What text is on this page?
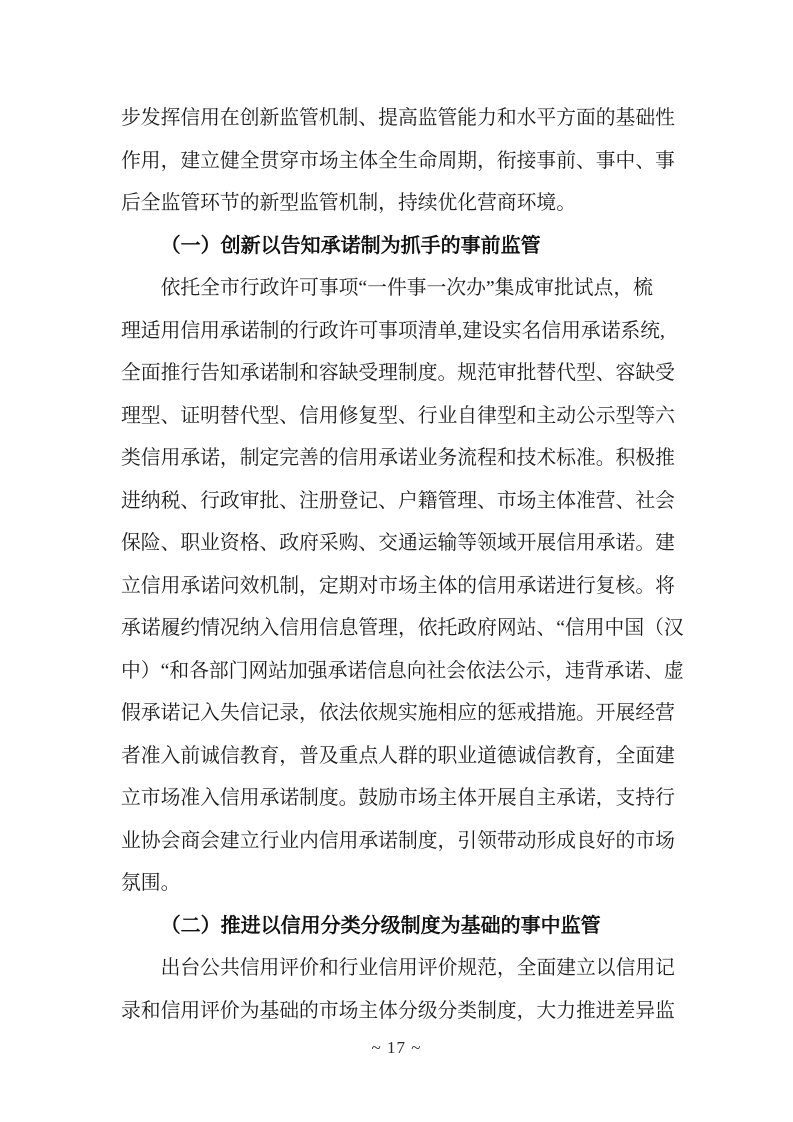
步发挥信用在创新监管机制、提高监管能力和水平方面的基础性
作用，建立健全贯穿市场主体全生命周期，衔接事前、事中、事
后全监管环节的新型监管机制，持续优化营商环境。
（一）创新以告知承诺制为抓手的事前监管
依托全市行政许可事项“一件事一次办”集成审批试点，梳
理适用信用承诺制的行政许可事项清单,建设实名信用承诺系统,
全面推行告知承诺制和容缺受理制度。规范审批替代型、容缺受
理型、证明替代型、信用修复型、行业自律型和主动公示型等六
类信用承诺，制定完善的信用承诺业务流程和技术标准。积极推
进纳税、行政审批、注册登记、户籍管理、市场主体准营、社会
保险、职业资格、政府采购、交通运输等领域开展信用承诺。建
立信用承诺问效机制，定期对市场主体的信用承诺进行复核。将
承诺履约情况纳入信用信息管理，依托政府网站、“信用中国（汉
中）“和各部门网站加强承诺信息向社会依法公示，违背承诺、虚
假承诺记入失信记录，依法依规实施相应的惩戒措施。开展经营
者准入前诚信教育，普及重点人群的职业道德诚信教育，全面建
立市场准入信用承诺制度。鼓励市场主体开展自主承诺，支持行
业协会商会建立行业内信用承诺制度，引领带动形成良好的市场
氛围。
（二）推进以信用分类分级制度为基础的事中监管
出台公共信用评价和行业信用评价规范，全面建立以信用记
录和信用评价为基础的市场主体分级分类制度，大力推进差异监
~ 17 ~
